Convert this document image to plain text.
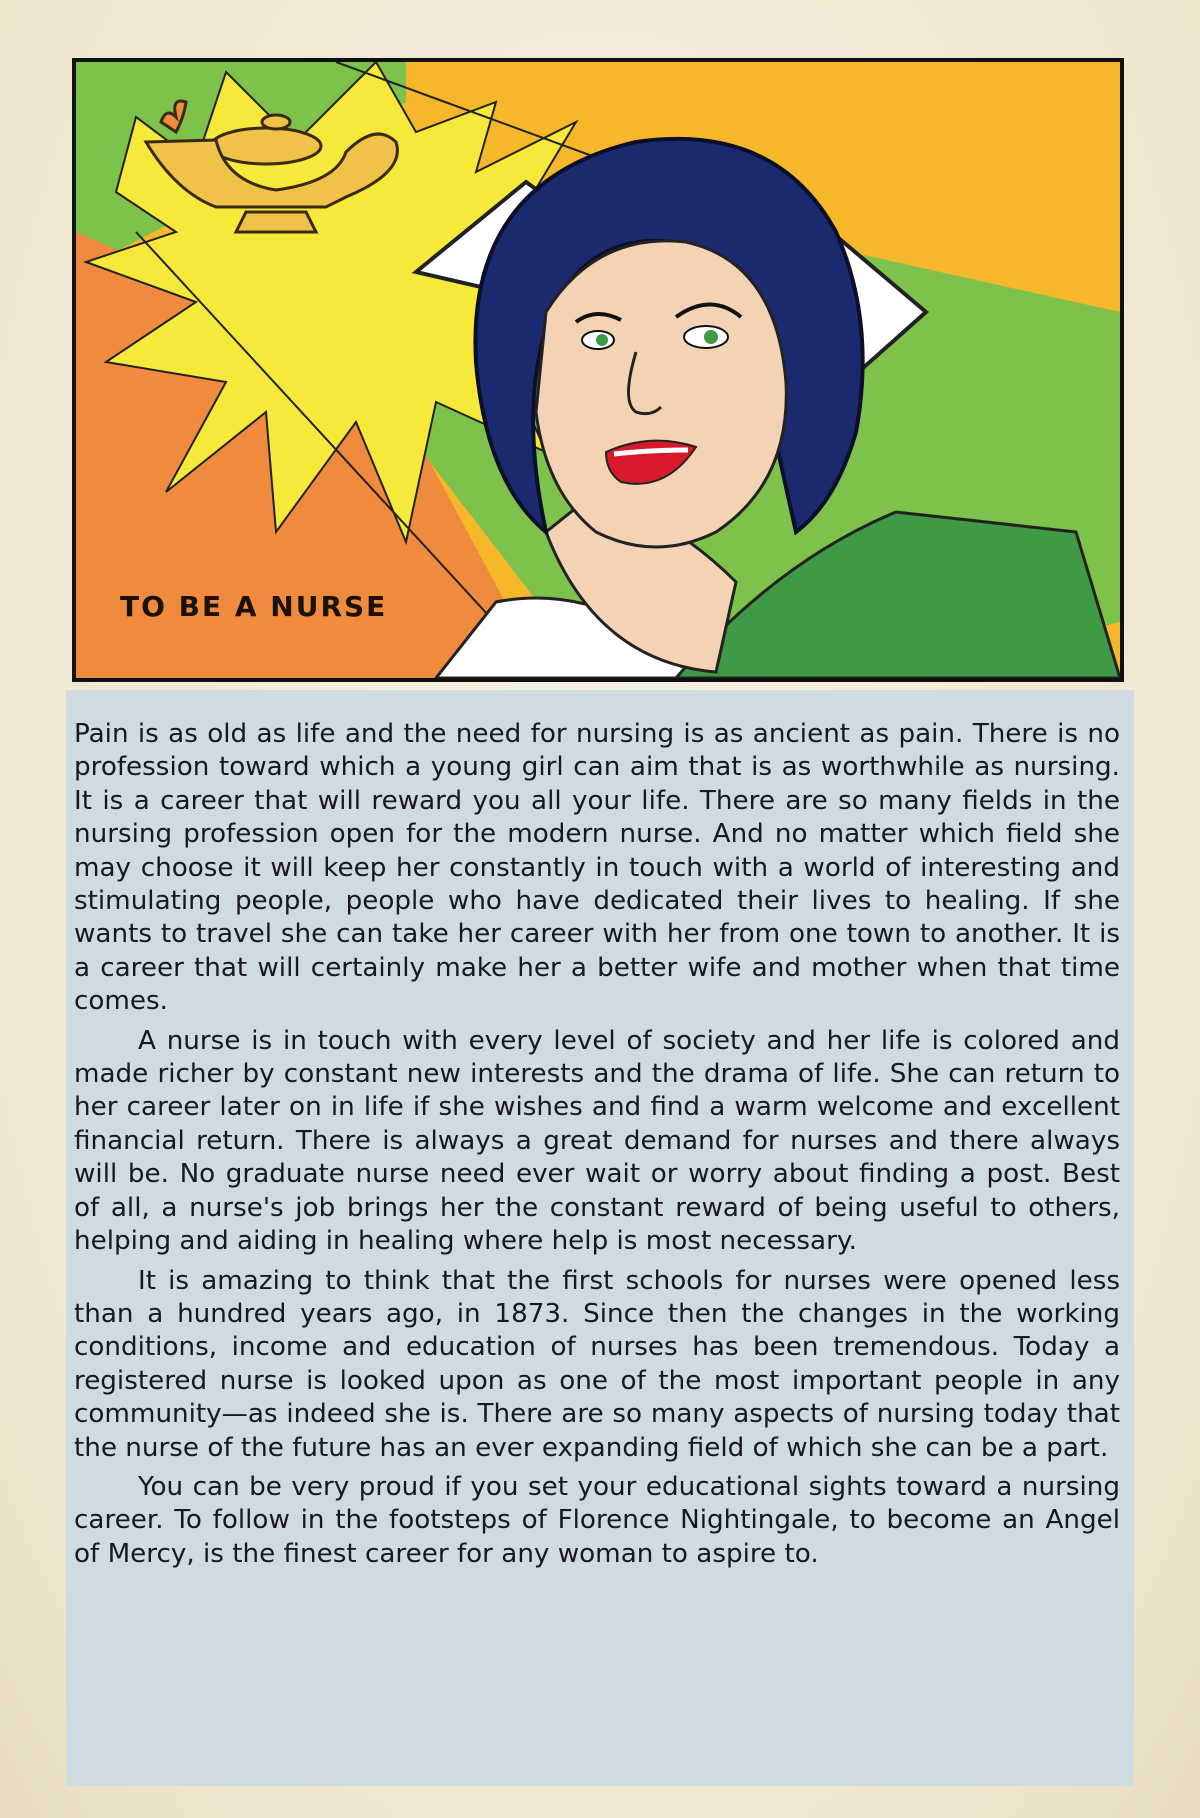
TO BE A NURSE

Pain is as old as life and the need for nursing is as ancient as pain. There is no profession toward which a young girl can aim that is as worthwhile as nursing. It is a career that will reward you all your life. There are so many fields in the nursing profession open for the modern nurse. And no matter which field she may choose it will keep her constantly in touch with a world of interesting and stimulating people, people who have dedicated their lives to healing. If she wants to travel she can take her career with her from one town to another. It is a career that will certainly make her a better wife and mother when that time comes.

A nurse is in touch with every level of society and her life is colored and made richer by constant new interests and the drama of life. She can return to her career later on in life if she wishes and find a warm welcome and excellent financial return. There is always a great demand for nurses and there always will be. No graduate nurse need ever wait or worry about finding a post. Best of all, a nurse's job brings her the constant reward of being useful to others, helping and aiding in healing where help is most necessary.

It is amazing to think that the first schools for nurses were opened less than a hundred years ago, in 1873. Since then the changes in the working conditions, income and education of nurses has been tremendous. Today a registered nurse is looked upon as one of the most important people in any community—as indeed she is. There are so many aspects of nursing today that the nurse of the future has an ever expanding field of which she can be a part.

You can be very proud if you set your educational sights toward a nursing career. To follow in the footsteps of Florence Nightingale, to become an Angel of Mercy, is the finest career for any woman to aspire to.
